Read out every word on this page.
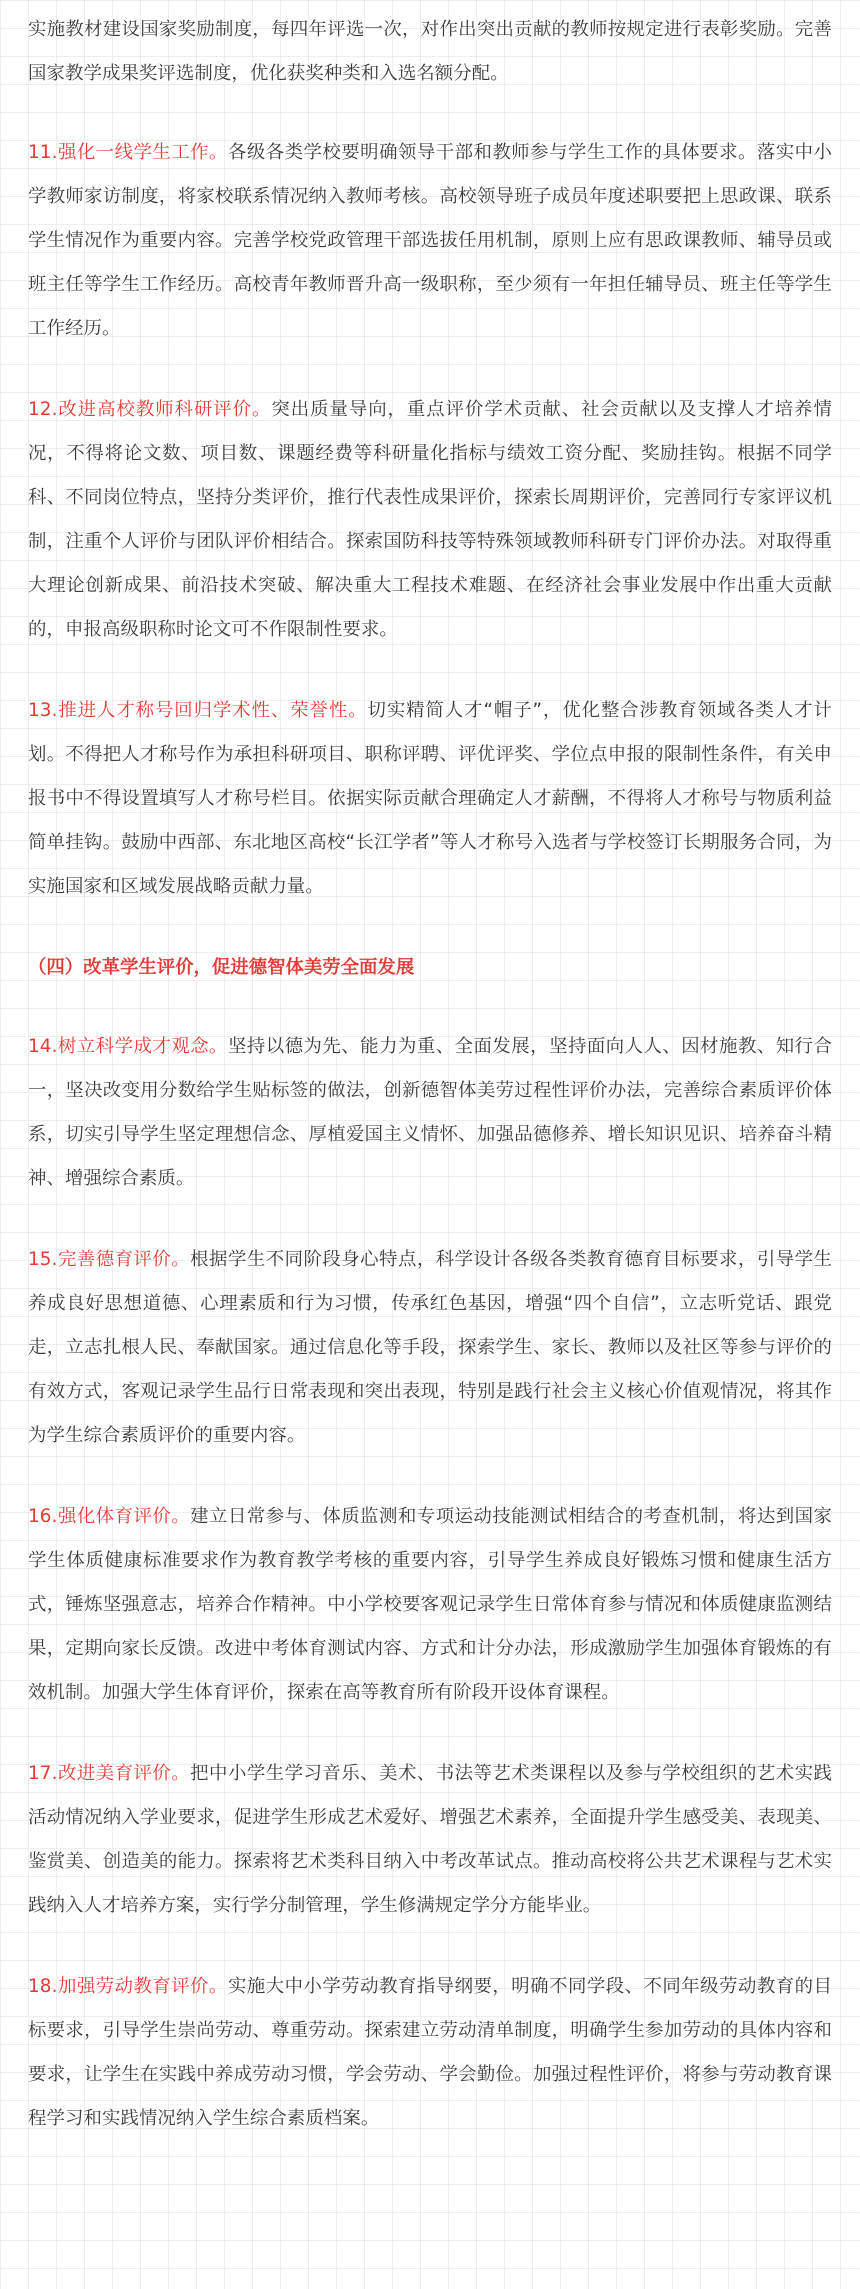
实施教材建设国家奖励制度，每四年评选一次，对作出突出贡献的教师按规定进行表彰奖励。完善国家教学成果奖评选制度，优化获奖种类和入选名额分配。

11.强化一线学生工作。各级各类学校要明确领导干部和教师参与学生工作的具体要求。落实中小学教师家访制度，将家校联系情况纳入教师考核。高校领导班子成员年度述职要把上思政课、联系学生情况作为重要内容。完善学校党政管理干部选拔任用机制，原则上应有思政课教师、辅导员或班主任等学生工作经历。高校青年教师晋升高一级职称，至少须有一年担任辅导员、班主任等学生工作经历。

12.改进高校教师科研评价。突出质量导向，重点评价学术贡献、社会贡献以及支撑人才培养情况，不得将论文数、项目数、课题经费等科研量化指标与绩效工资分配、奖励挂钩。根据不同学科、不同岗位特点，坚持分类评价，推行代表性成果评价，探索长周期评价，完善同行专家评议机制，注重个人评价与团队评价相结合。探索国防科技等特殊领域教师科研专门评价办法。对取得重大理论创新成果、前沿技术突破、解决重大工程技术难题、在经济社会事业发展中作出重大贡献的，申报高级职称时论文可不作限制性要求。

13.推进人才称号回归学术性、荣誉性。切实精简人才“帽子”，优化整合涉教育领域各类人才计划。不得把人才称号作为承担科研项目、职称评聘、评优评奖、学位点申报的限制性条件，有关申报书中不得设置填写人才称号栏目。依据实际贡献合理确定人才薪酬，不得将人才称号与物质利益简单挂钩。鼓励中西部、东北地区高校“长江学者”等人才称号入选者与学校签订长期服务合同，为实施国家和区域发展战略贡献力量。

（四）改革学生评价，促进德智体美劳全面发展

14.树立科学成才观念。坚持以德为先、能力为重、全面发展，坚持面向人人、因材施教、知行合一，坚决改变用分数给学生贴标签的做法，创新德智体美劳过程性评价办法，完善综合素质评价体系，切实引导学生坚定理想信念、厚植爱国主义情怀、加强品德修养、增长知识见识、培养奋斗精神、增强综合素质。

15.完善德育评价。根据学生不同阶段身心特点，科学设计各级各类教育德育目标要求，引导学生养成良好思想道德、心理素质和行为习惯，传承红色基因，增强“四个自信”，立志听党话、跟党走，立志扎根人民、奉献国家。通过信息化等手段，探索学生、家长、教师以及社区等参与评价的有效方式，客观记录学生品行日常表现和突出表现，特别是践行社会主义核心价值观情况，将其作为学生综合素质评价的重要内容。

16.强化体育评价。建立日常参与、体质监测和专项运动技能测试相结合的考查机制，将达到国家学生体质健康标准要求作为教育教学考核的重要内容，引导学生养成良好锻炼习惯和健康生活方式，锤炼坚强意志，培养合作精神。中小学校要客观记录学生日常体育参与情况和体质健康监测结果，定期向家长反馈。改进中考体育测试内容、方式和计分办法，形成激励学生加强体育锻炼的有效机制。加强大学生体育评价，探索在高等教育所有阶段开设体育课程。

17.改进美育评价。把中小学生学习音乐、美术、书法等艺术类课程以及参与学校组织的艺术实践活动情况纳入学业要求，促进学生形成艺术爱好、增强艺术素养，全面提升学生感受美、表现美、鉴赏美、创造美的能力。探索将艺术类科目纳入中考改革试点。推动高校将公共艺术课程与艺术实践纳入人才培养方案，实行学分制管理，学生修满规定学分方能毕业。

18.加强劳动教育评价。实施大中小学劳动教育指导纲要，明确不同学段、不同年级劳动教育的目标要求，引导学生崇尚劳动、尊重劳动。探索建立劳动清单制度，明确学生参加劳动的具体内容和要求，让学生在实践中养成劳动习惯，学会劳动、学会勤俭。加强过程性评价，将参与劳动教育课程学习和实践情况纳入学生综合素质档案。
